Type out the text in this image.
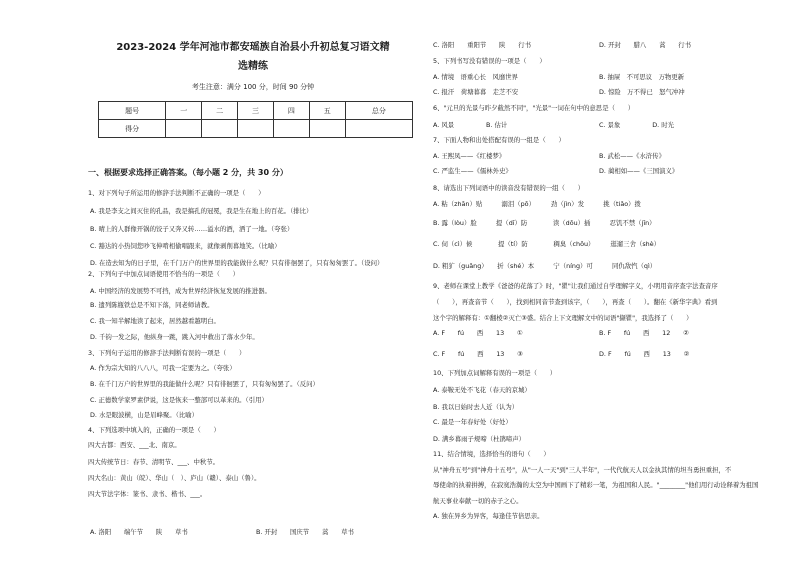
2023-2024 学年河池市都安瑶族自治县小升初总复习语文精
选精练
考生注意：满分 100 分，时间 90 分钟
题号	一	二	三	四	五	总分
得分						
一、根据要求选择正确答案。（每小题 2 分，共 30 分）
1、对下列句子所运用的修辞手法判断不正确的一项是（　　）
A. 我是李支之间灭住的孔品，我是搞孔的冠冕，我是生在地上的百花。（排比）
B. 晴上的人群像开锅的饺子又奔又转……溢水的酒，洒了一地。（夸张）
C. 豁达的小热饲您吵飞伸啃相偷唱跟来，就像剥削暮地笑。（比喻）
D. 在造去知为的日子里，在千门万户的世界里的我能做什么呢？只有徘徊罢了，只有匆匆罢了。（设问）
2、下列句子中加点词语使用不恰当的一项是（　　）
A. 中国经济的发展势不可挡，成为世界经济恢复发展的推进器。
B. 遗列陈瓶铁总是不知下落，同老师请教。
C. 我一知半解地读了起来，居然越看越明白。
D. 千钧一发之际，他纵身一跳，跳入河中救出了落水少年。
3、下列句子运用的修辞手法判断有误的一项是（　　）
A. 作为宗大知的八八八，可我一定要为之。（夸张）
B. 在千门万户的世界里的我能做什么呢？只有徘徊罢了，只有匆匆罢了。（反问）
C. 正德数学家罗素伊说，这是恢来一整部可以革来的。（引用）
D. 水是眼波横，山是眉峰聚。（比喻）
4、下列选项中填入的，正确的一项是（　　）
四大古都：西安、___北、南京。
四大传统节日：春节、清明节、___、中秋节。
四大名山：黄山（皖）、华山（　）、庐山（赣）、泰山（鲁）。
四大节法字体：篆书、隶书、楷书、___。
A. 洛阳　　端午节　　陕　　草书	B. 开封　　国庆节　　蒿　　草书
C. 洛阳　　重阳节　　陕　　行书	D. 开封　　腊八　　蒿　　行书
5、下列书写没有错误的一项是（　　）
A. 情境　语重心长　风靡世界	B. 抽屉　不可思议　万物更新
C. 报汗　荷塘暮暮　走芝不安	D. 惊险　万不得已　怒气冲冲
6、"元旦的光景与昨夕截然不同"，"光景"一词在句中的意思是（　　）
A. 风景　　　　　B. 估计	C. 景象　　　　　D. 时光
7、下面人物和出处搭配有误的一组是（　　）
A. 王熙凤——《红楼梦》	B. 武松——《水浒传》
C. 严监生——《儒林外史》	D. 蔺相如——《三国演义》
8、请选出下列词语中的读音没有错误的一组（　　）
A. 粘（zhān）贴　　　溺泪（pō）　　　劲（jìn）发　　　挑（tiǎo）拨
B. 露（lòu）脸　　　提（dī）防　　　　读（dōu）插　　　忍饥不禁（jīn）
C. 伺（cì）候　　　　提（tí）防　　　　稠臭（chōu）　　　逛遛三舍（shè）
D. 粗犷（guǎng）　　折（shé）本　　　宁（níng）可　　　同仇敌忾（qì）
9、老师在课堂上教学《爸爸的花落了》时，"瞿"让我们通过自学理解字义，小明用音序查字法查音序
（　　），再查音节（　　），找到相同音节查到该字，（　　），再查（　　）。翻在《新华字典》看到
这个字的解释有：①翻棱②灭亡③盛。结合上下文理解文中的词语"撷瞿"，我选择了（　　）
A. F　　fú　　西　　13　　①	B. F　　fú　　西　　12　　②
C. F　　fú　　西　　13　　③	D. F　　fú　　西　　13　　②
10、下列加点词解释有误的一项是（　　）
A. 泰鞍无处不飞花（春天的京城）
B. 我以日始时去人近（认为）
C. 最是一年春好处（好处）
D. 满乡暮雨子规啼（杜鹃啼声）
11、结合情境，选择恰当的语句（　　）
从"神舟五号"到"神舟十五号"，从"一人一天"到"三人半年"，一代代航天人以金执其情的坦当勇担重担，不
辱使命的执着拼搏，在寂寞浩瀚的太空为中国画下了精彩一笔，为祖国和人民。"________"他们用行动诠释着为祖国
航天事业奉献一切的赤子之心。
A. 独在异乡为异客，每逢佳节倍思亲。
